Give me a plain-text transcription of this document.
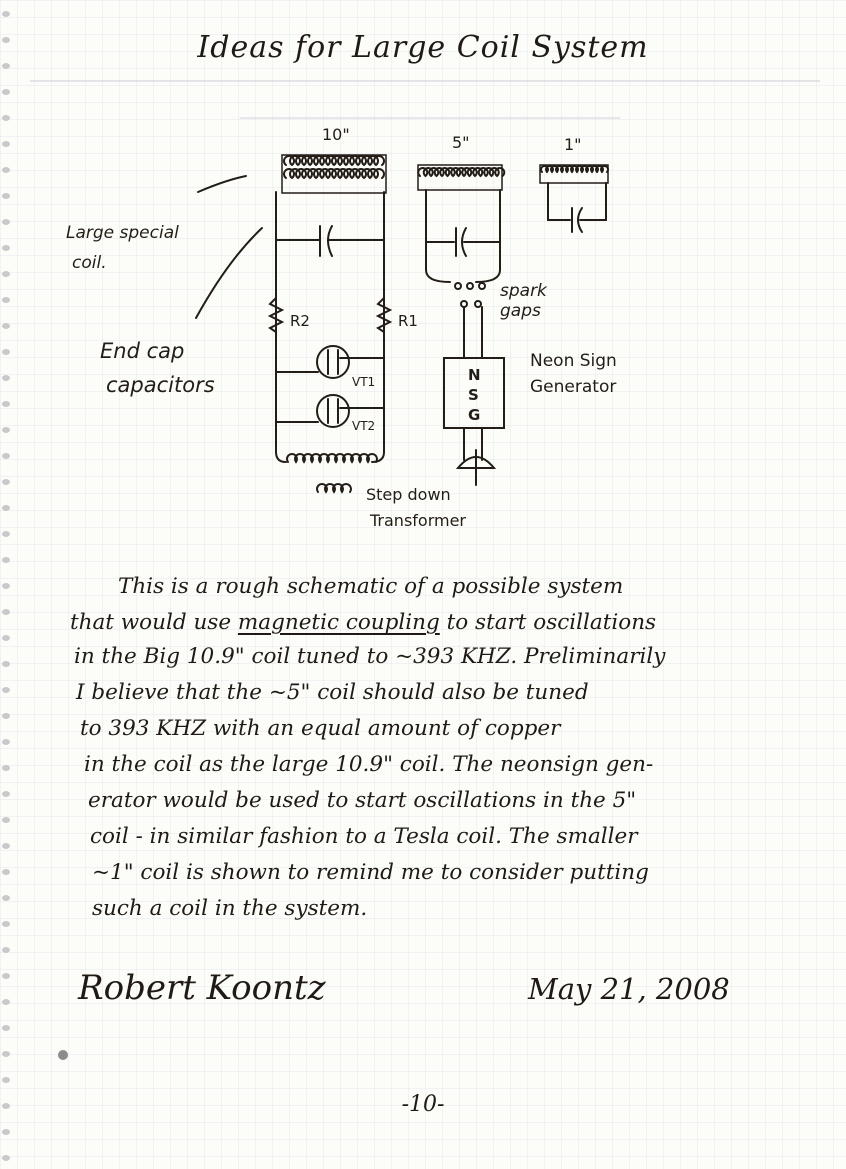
Ideas for Large Coil System
10"	5"	1"
R2	R1
VT1
VT2
N
S
G
Large special
coil.
End cap
capacitors
spark
gaps
Neon Sign
Generator
Step down
Transformer
This is a rough schematic of a possible system
that would use magnetic coupling to start oscillations
in the Big 10.9" coil tuned to ~393 KHZ. Preliminarily
I believe that the ~5" coil should also be tuned
to 393 KHZ with an equal amount of copper
in the coil as the large 10.9" coil. The neonsign gen-
erator would be used to start oscillations in the 5"
coil - in similar fashion to a Tesla coil. The smaller
~1" coil is shown to remind me to consider putting
such a coil in the system.
Robert Koontz	May 21, 2008
-10-
